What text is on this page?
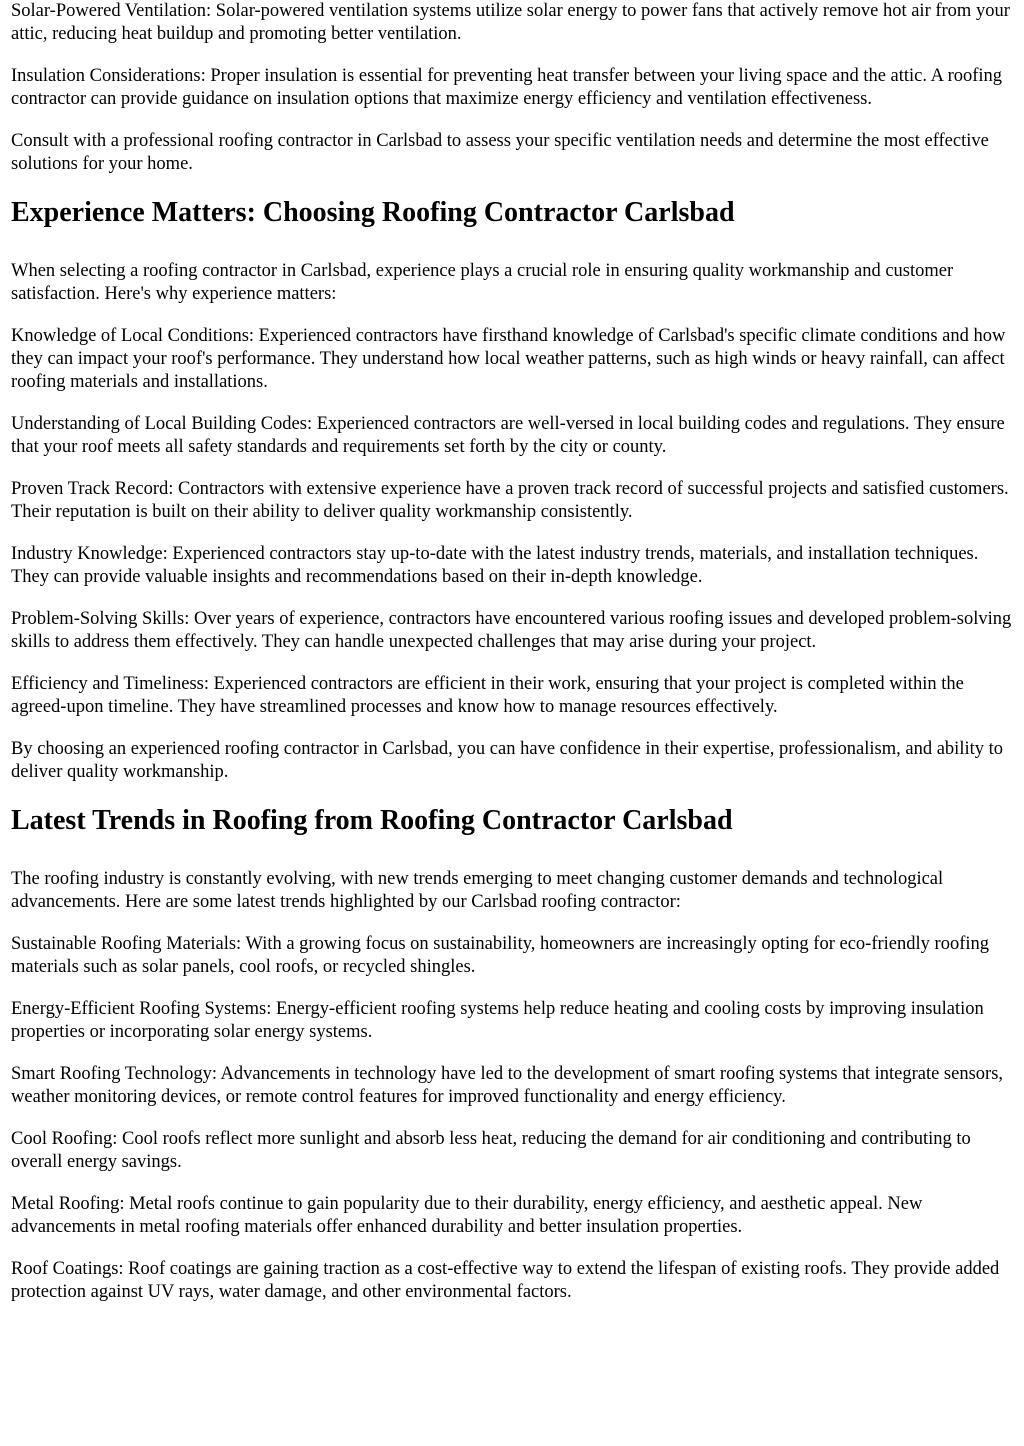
Solar-Powered Ventilation: Solar-powered ventilation systems utilize solar energy to power fans that actively remove hot air from your attic, reducing heat buildup and promoting better ventilation.

Insulation Considerations: Proper insulation is essential for preventing heat transfer between your living space and the attic. A roofing contractor can provide guidance on insulation options that maximize energy efficiency and ventilation effectiveness.

Consult with a professional roofing contractor in Carlsbad to assess your specific ventilation needs and determine the most effective solutions for your home.

Experience Matters: Choosing Roofing Contractor Carlsbad

When selecting a roofing contractor in Carlsbad, experience plays a crucial role in ensuring quality workmanship and customer satisfaction. Here's why experience matters:

Knowledge of Local Conditions: Experienced contractors have firsthand knowledge of Carlsbad's specific climate conditions and how they can impact your roof's performance. They understand how local weather patterns, such as high winds or heavy rainfall, can affect roofing materials and installations.

Understanding of Local Building Codes: Experienced contractors are well-versed in local building codes and regulations. They ensure that your roof meets all safety standards and requirements set forth by the city or county.

Proven Track Record: Contractors with extensive experience have a proven track record of successful projects and satisfied customers. Their reputation is built on their ability to deliver quality workmanship consistently.

Industry Knowledge: Experienced contractors stay up-to-date with the latest industry trends, materials, and installation techniques. They can provide valuable insights and recommendations based on their in-depth knowledge.

Problem-Solving Skills: Over years of experience, contractors have encountered various roofing issues and developed problem-solving skills to address them effectively. They can handle unexpected challenges that may arise during your project.

Efficiency and Timeliness: Experienced contractors are efficient in their work, ensuring that your project is completed within the agreed-upon timeline. They have streamlined processes and know how to manage resources effectively.

By choosing an experienced roofing contractor in Carlsbad, you can have confidence in their expertise, professionalism, and ability to deliver quality workmanship.

Latest Trends in Roofing from Roofing Contractor Carlsbad

The roofing industry is constantly evolving, with new trends emerging to meet changing customer demands and technological advancements. Here are some latest trends highlighted by our Carlsbad roofing contractor:

Sustainable Roofing Materials: With a growing focus on sustainability, homeowners are increasingly opting for eco-friendly roofing materials such as solar panels, cool roofs, or recycled shingles.

Energy-Efficient Roofing Systems: Energy-efficient roofing systems help reduce heating and cooling costs by improving insulation properties or incorporating solar energy systems.

Smart Roofing Technology: Advancements in technology have led to the development of smart roofing systems that integrate sensors, weather monitoring devices, or remote control features for improved functionality and energy efficiency.

Cool Roofing: Cool roofs reflect more sunlight and absorb less heat, reducing the demand for air conditioning and contributing to overall energy savings.

Metal Roofing: Metal roofs continue to gain popularity due to their durability, energy efficiency, and aesthetic appeal. New advancements in metal roofing materials offer enhanced durability and better insulation properties.

Roof Coatings: Roof coatings are gaining traction as a cost-effective way to extend the lifespan of existing roofs. They provide added protection against UV rays, water damage, and other environmental factors.
